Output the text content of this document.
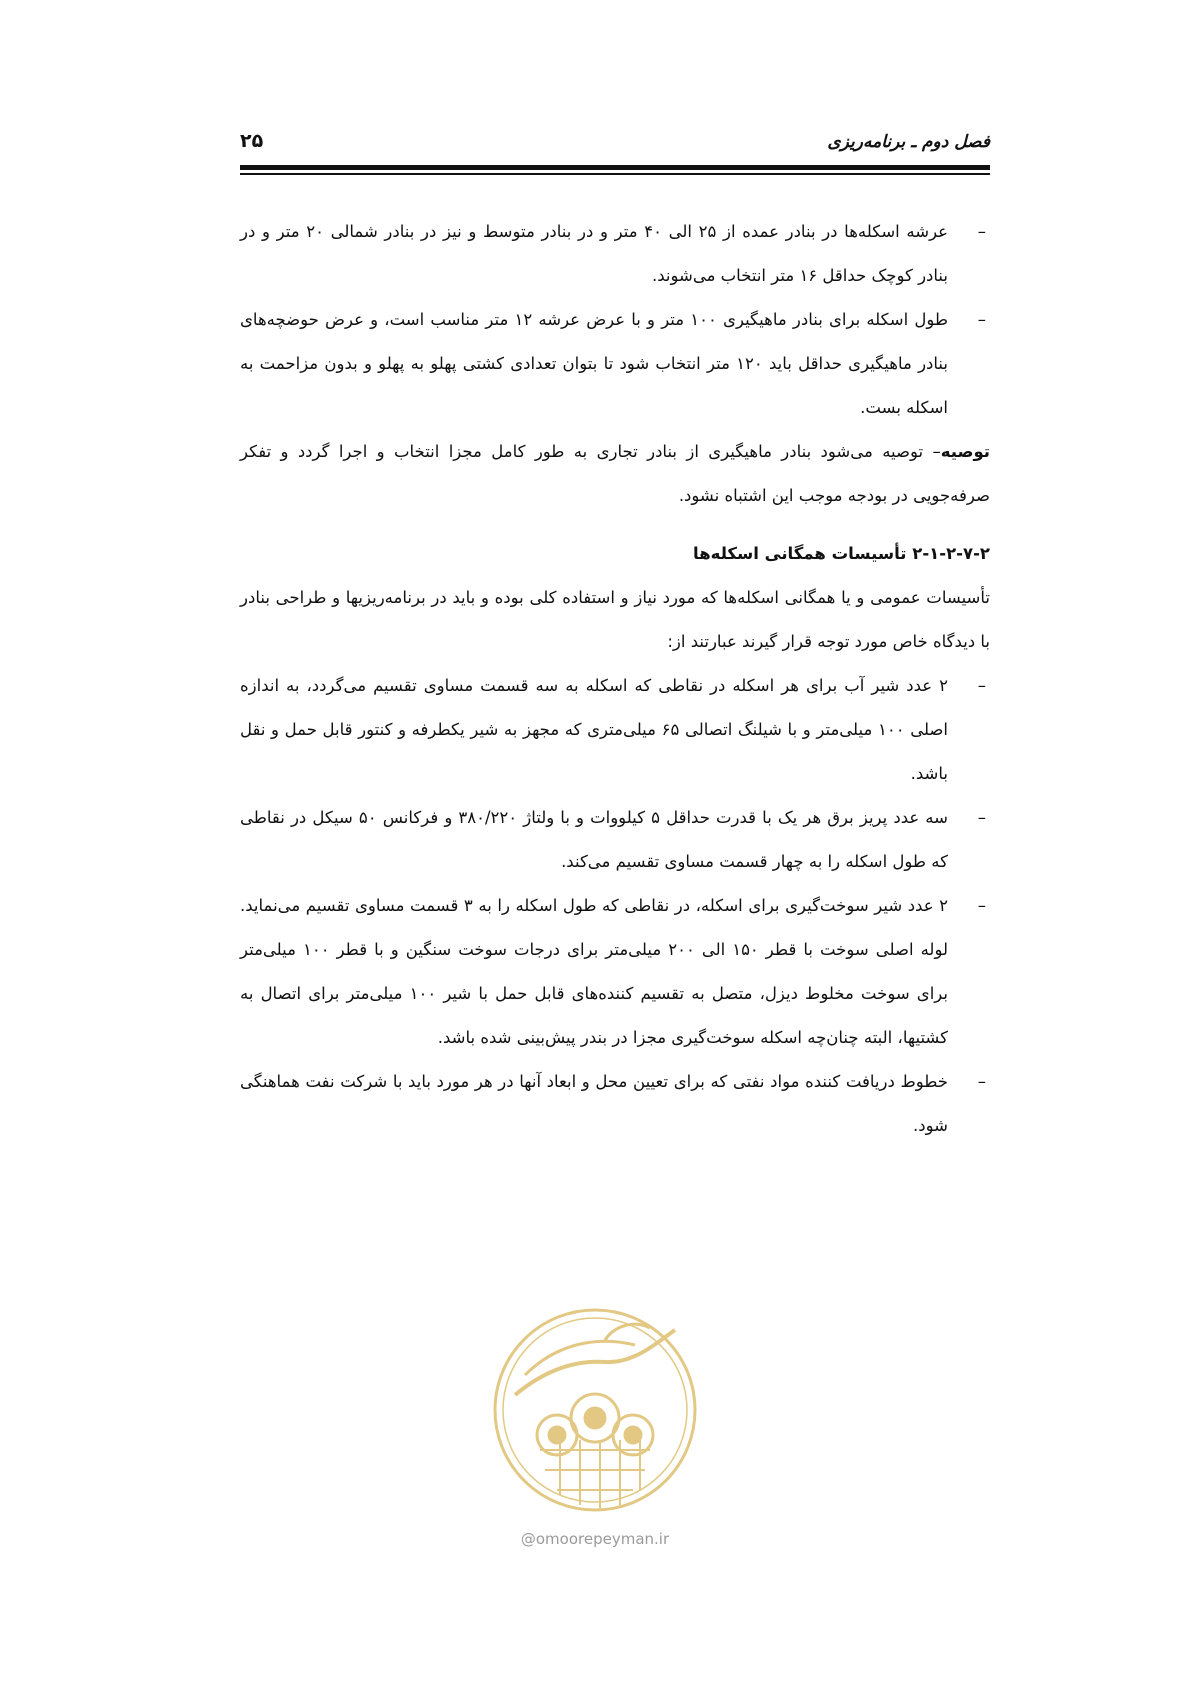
فصل دوم ـ برنامه‌ریزی
۲۵

–
عرشه اسکله‌ها در بنادر عمده از ۲۵ الی ۴۰ متر و در بنادر متوسط و نیز در بنادر شمالی ۲۰ متر و در بنادر کوچک حداقل ۱۶ متر انتخاب می‌شوند.

–
طول اسکله برای بنادر ماهیگیری ۱۰۰ متر و با عرض عرشه ۱۲ متر مناسب است، و عرض حوضچه‌های بنادر ماهیگیری حداقل باید ۱۲۰ متر انتخاب شود تا بتوان تعدادی کشتی پهلو به پهلو و بدون مزاحمت به اسکله بست.

توصیه– توصیه می‌شود بنادر ماهیگیری از بنادر تجاری به طور کامل مجزا انتخاب و اجرا گردد و تفکر صرفه‌جویی در بودجه موجب این اشتباه نشود.

۲-۱-۲-۷-۲ تأسیسات همگانی اسکله‌ها

تأسیسات عمومی و یا همگانی اسکله‌ها که مورد نیاز و استفاده کلی بوده و باید در برنامه‌ریزیها و طراحی بنادر با دیدگاه خاص مورد توجه قرار گیرند عبارتند از:

–
۲ عدد شیر آب برای هر اسکله در نقاطی که اسکله به سه قسمت مساوی تقسیم می‌گردد، به اندازه اصلی ۱۰۰ میلی‌متر و با شیلنگ اتصالی ۶۵ میلی‌متری که مجهز به شیر یکطرفه و کنتور قابل حمل و نقل باشد.

–
سه عدد پریز برق هر یک با قدرت حداقل ۵ کیلووات و با ولتاژ ۳۸۰/۲۲۰ و فرکانس ۵۰ سیکل در نقاطی که طول اسکله را به چهار قسمت مساوی تقسیم می‌کند.

–
۲ عدد شیر سوخت‌گیری برای اسکله، در نقاطی که طول اسکله را به ۳ قسمت مساوی تقسیم می‌نماید. لوله اصلی سوخت با قطر ۱۵۰ الی ۲۰۰ میلی‌متر برای درجات سوخت سنگین و با قطر ۱۰۰ میلی‌متر برای سوخت مخلوط دیزل، متصل به تقسیم کننده‌های قابل حمل با شیر ۱۰۰ میلی‌متر برای اتصال به کشتیها، البته چنان‌چه اسکله سوخت‌گیری مجزا در بندر پیش‌بینی شده باشد.

–
خطوط دریافت کننده مواد نفتی که برای تعیین محل و ابعاد آنها در هر مورد باید با شرکت نفت هماهنگی شود.

@omoorepeyman.ir
